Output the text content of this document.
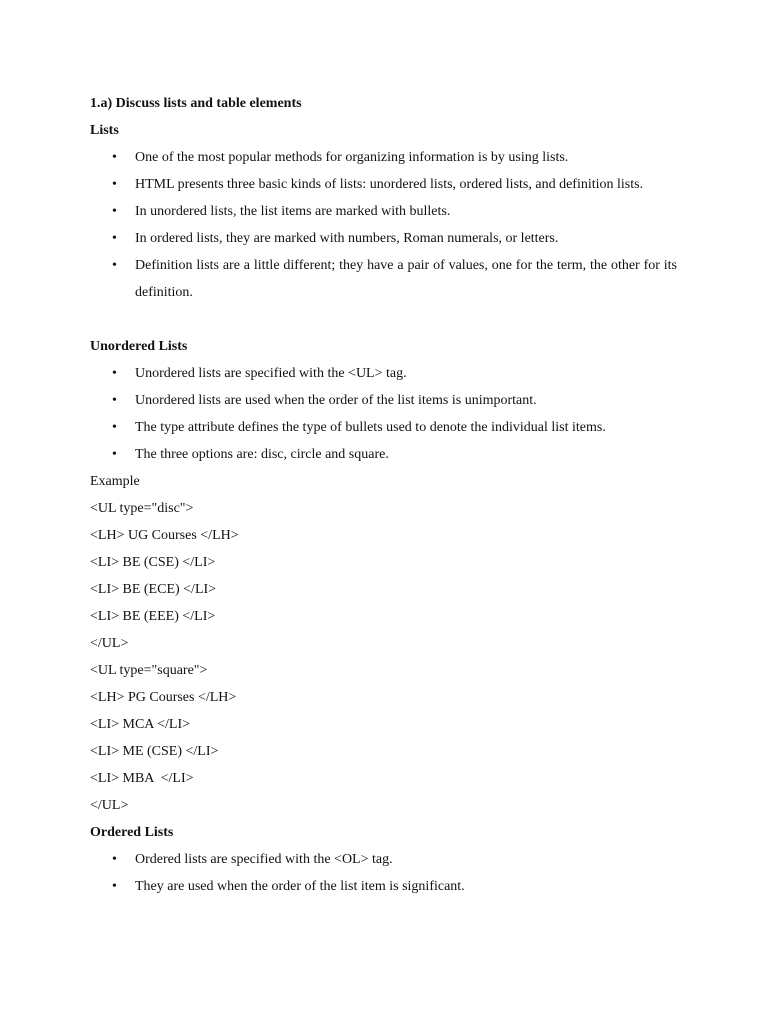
1.a) Discuss lists and table elements
Lists
• One of the most popular methods for organizing information is by using lists.
• HTML presents three basic kinds of lists: unordered lists, ordered lists, and definition lists.
• In unordered lists, the list items are marked with bullets.
• In ordered lists, they are marked with numbers, Roman numerals, or letters.
• Definition lists are a little different; they have a pair of values, one for the term, the other for its definition.
Unordered Lists
• Unordered lists are specified with the <UL> tag.
• Unordered lists are used when the order of the list items is unimportant.
• The type attribute defines the type of bullets used to denote the individual list items.
• The three options are: disc, circle and square.
Example
<UL type="disc">
<LH> UG Courses </LH>
<LI> BE (CSE) </LI>
<LI> BE (ECE) </LI>
<LI> BE (EEE) </LI>
</UL>
<UL type="square">
<LH> PG Courses </LH>
<LI> MCA </LI>
<LI> ME (CSE) </LI>
<LI> MBA  </LI>
</UL>
Ordered Lists
• Ordered lists are specified with the <OL> tag.
• They are used when the order of the list item is significant.
